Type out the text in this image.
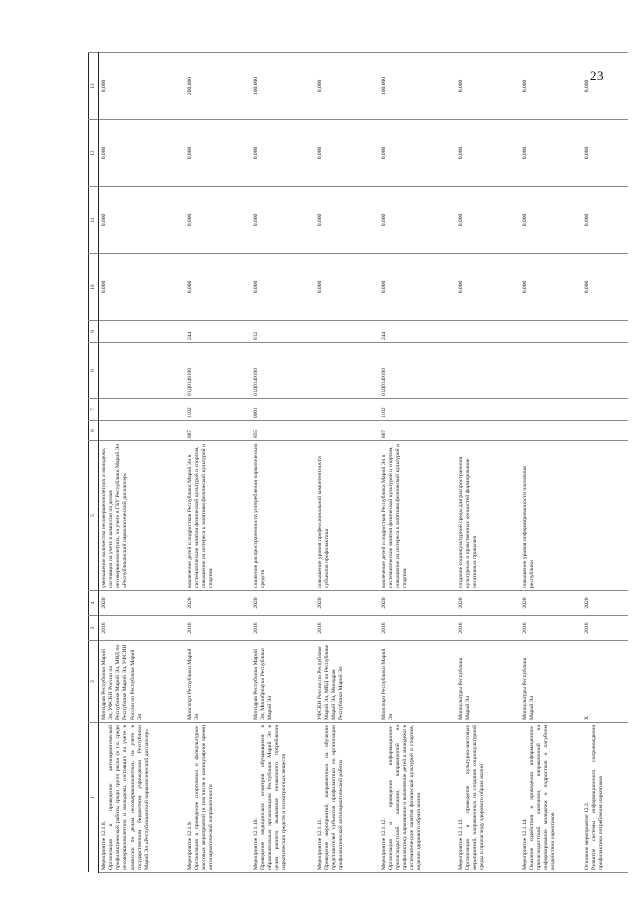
23
1	2	3	4	5	6	7	8	9	10	11	12	13

Мероприятие 12.1.8. Организация и проведение антинаркотической профилактической работы среди групп риска (в т.ч. среди несовершеннолетних и молодежи, состоящих на учете в комиссии по делам несовершеннолетних, на учете в государственном бюджетном учреждении Республики Марий Эл «Республиканский наркологический диспансер»	Минздрав Республики Марий Эл, УФСКН России по Республике Марий Эл, МВД по Республике Марий Эл, УФСИН России по Республике Марий Эл	2016	2020	уменьшение количества несовершеннолетних и молодежи, состоящих на учете в комиссии по делам несовершеннолетних, на учете в ГБУ Республики Марий Эл «Республиканский наркологический диспансер»					0,000	0,000	0,000	0,000

Мероприятие 12.1.9. Организация и проведение спортивных и физкультурно-массовых мероприятий (в том числе в каникулярное время) антинаркотической направленности	Минспорт Республики Марий Эл	2016	2020	вовлечение детей и подростков Республики Марий Эл в систематические занятия физической культурой и спортом, повышение их интереса к занятиям физической культурой и спортом	867	1102	01Д0149100	244	0,000	0,000	0,000	200,000

Мероприятие 12.1.10. Проведение медицинских осмотров обучающихся в образовательных организациях Республики Марий Эл в целях раннего выявления незаконного потребления наркотических средств и психотропных веществ	Минздрав Республики Марий Эл, Минобрнауки Республики Марий Эл	2016	2020	снижение распространенности употребления наркотических средств	855	0901	01Д0149100	612	0,000	0,000	0,000	100,000

Мероприятие 12.1.11. Проведение мероприятий, направленных на обучение представителей субъектов профилактики по организации профилактической антинаркотической работы	УФСКН России по Республике Марий Эл, МВД по Республике Марий Эл, Минздрав Республики Марий Эл	2016	2020	повышение уровня профессиональной компетентности субъектов профилактики					0,000	0,000	0,000	0,000

Мероприятие 12.1.12. Организация и проведение информационно-пропагандистской кампании, направленной на профилактику наркомании и вовлечение детей и молодежи в систематические занятия физической культурой и спортом, ведение здорового образа жизни	Минспорт Республики Марий Эл	2016	2020	вовлечение детей и подростков Республики Марий Эл в систематические занятия физической культурой и спортом, повышение их интереса к занятиям физической культурой и спортом	867	1102	01Д0149100	244	0,000	0,000	0,000	100,000

Мероприятие 12.1.13. Организация и проведение культурно-массовых мероприятий, направленных на создание социокультурной среды и пропаганду здорового образа жизни	Минкультуры Республики Марий Эл	2016	2020	создание социокультурной среды для распространения культурных и нравственных ценностей формирование негативных привычек					0,000	0,000	0,000	0,000

Мероприятие 12.1.14. Оказание содействия в проведении информационно-пропагандистской кампании, направленной на информирование молодежи о подростков о пагубном воздействии наркотиков	Минкультуры Республики Марий Эл	2016	2020	повышение уровня информированности населения республики					0,000	0,000	0,000	0,000

Основное мероприятие 12.2. Развитие системы информационного сопровождения профилактики потребления наркотиков	X	2016	2020						0,000	0,000	0,000	0,000
